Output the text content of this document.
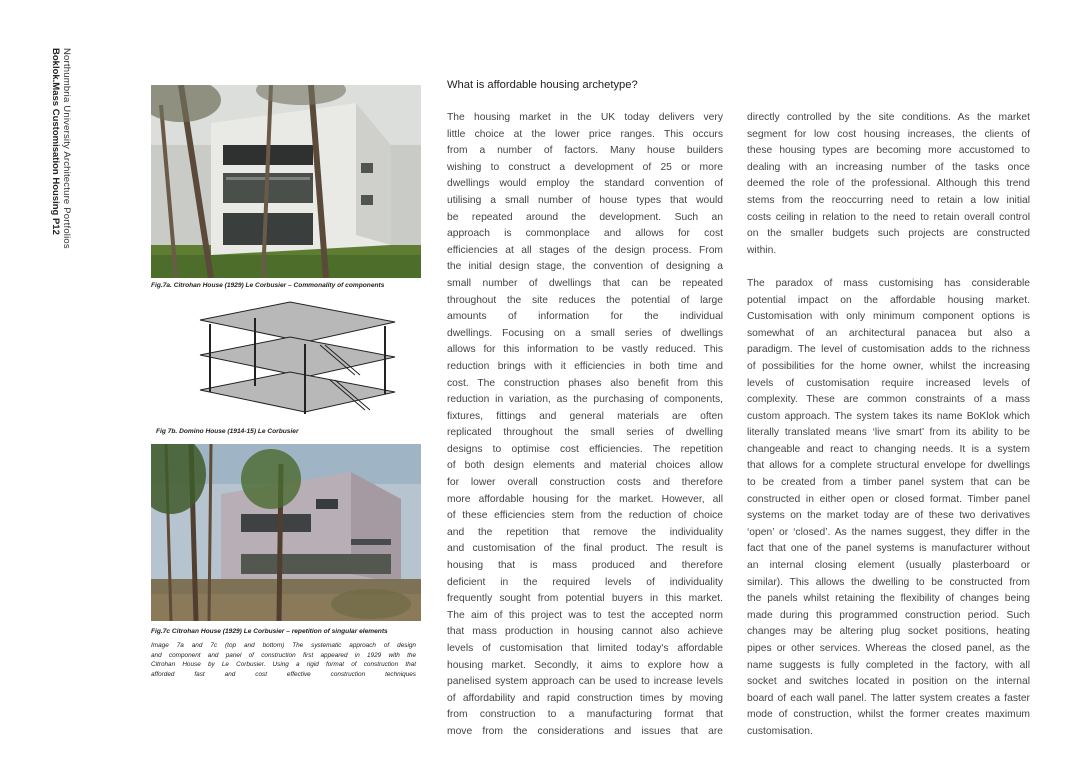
Northumbria University Architecture Portfolios
Boklok.Mass Customisation Housing P12
Fig.7a. Citrohan House (1929) Le Corbusier – Commonality of components
Fig 7b. Domino House (1914-15) Le Corbusier
Fig.7c Citrohan House (1929) Le Corbusier – repetition of singular elements
Image 7a and 7c (top and bottom) The systematic approach of design
and component and panel of construction first appeared in 1929 with the
Citrohan House by Le Corbusier. Using a rigid format of construction that
afforded fast and cost effective construction techniques
What is affordable housing archetype?
The housing market in the UK today delivers very
little choice at the lower price ranges. This occurs
from a number of factors. Many house builders
wishing to construct a development of 25 or more
dwellings would employ the standard convention of
utilising a small number of house types that would
be repeated around the development. Such an
approach is commonplace and allows for cost
efficiencies at all stages of the design process. From
the initial design stage, the convention of designing a
small number of dwellings that can be repeated
throughout the site reduces the potential of large
amounts of information for the individual
dwellings. Focusing on a small series of dwellings
allows for this information to be vastly reduced. This
reduction brings with it efficiencies in both time and
cost. The construction phases also benefit from this
reduction in variation, as the purchasing of components,
fixtures, fittings and general materials are often
replicated throughout the small series of dwelling
designs to optimise cost efficiencies. The repetition
of both design elements and material choices allow
for lower overall construction costs and therefore
more affordable housing for the market. However, all
of these efficiencies stem from the reduction of choice
and the repetition that remove the individuality
and customisation of the final product. The result is
housing that is mass produced and therefore
deficient in the required levels of individuality
frequently sought from potential buyers in this market.
The aim of this project was to test the accepted norm
that mass production in housing cannot also achieve
levels of customisation that limited today's affordable
housing market. Secondly, it aims to explore how a
panelised system approach can be used to increase levels
of affordability and rapid construction times by moving
from construction to a manufacturing format that
move from the considerations and issues that are
directly controlled by the site conditions. As the market
segment for low cost housing increases, the clients of
these housing types are becoming more accustomed to
dealing with an increasing number of the tasks once
deemed the role of the professional. Although this trend
stems from the reoccurring need to retain a low initial
costs ceiling in relation to the need to retain overall control
on the smaller budgets such projects are constructed
within.
The paradox of mass customising has considerable
potential impact on the affordable housing market.
Customisation with only minimum component options is
somewhat of an architectural panacea but also a
paradigm. The level of customisation adds to the richness
of possibilities for the home owner, whilst the increasing
levels of customisation require increased levels of
complexity. These are common constraints of a mass
custom approach. The system takes its name BoKlok which
literally translated means ‘live smart’ from its ability to be
changeable and react to changing needs. It is a system
that allows for a complete structural envelope for dwellings
to be created from a timber panel system that can be
constructed in either open or closed format. Timber panel
systems on the market today are of these two derivatives
‘open’ or ‘closed’. As the names suggest, they differ in the
fact that one of the panel systems is manufacturer without
an internal closing element (usually plasterboard or
similar). This allows the dwelling to be constructed from
the panels whilst retaining the flexibility of changes being
made during this programmed construction period. Such
changes may be altering plug socket positions, heating
pipes or other services. Whereas the closed panel, as the
name suggests is fully completed in the factory, with all
socket and switches located in position on the internal
board of each wall panel. The latter system creates a faster
mode of construction, whilst the former creates maximum
customisation.
